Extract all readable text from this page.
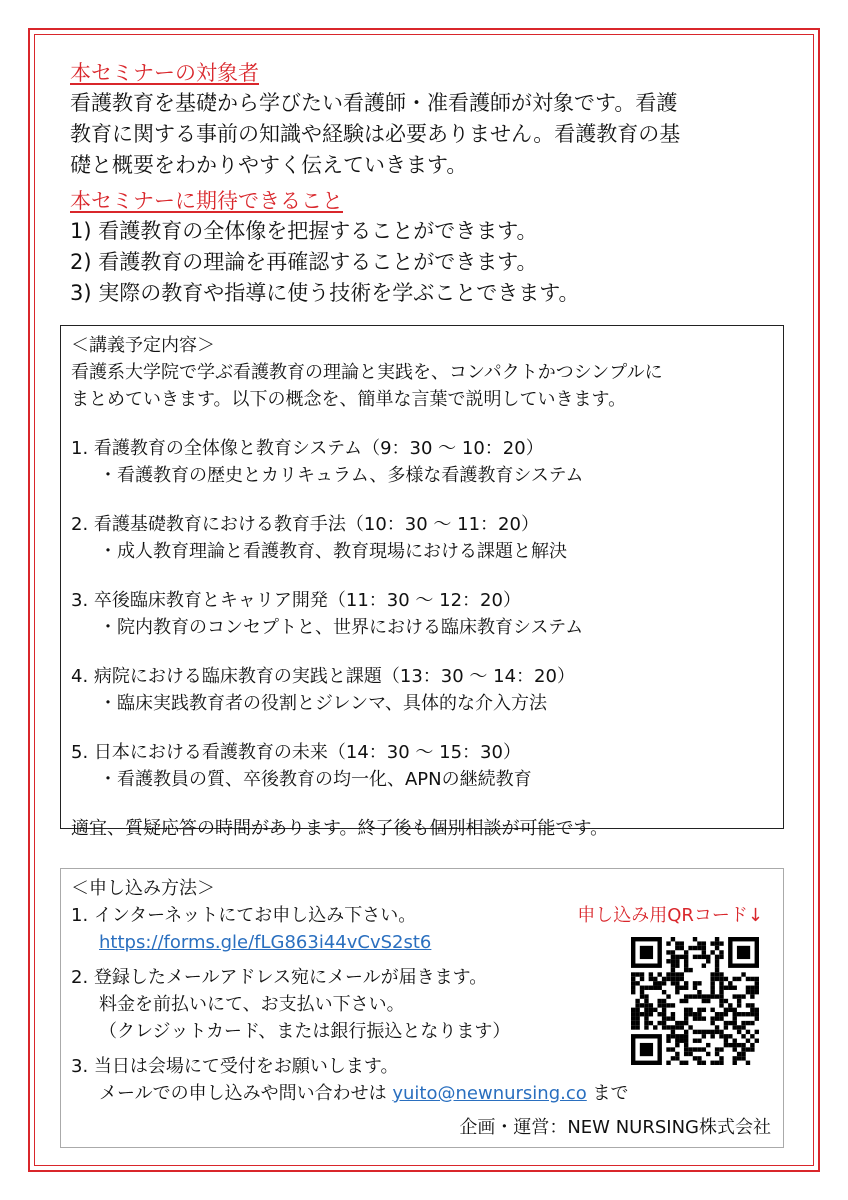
本セミナーの対象者
看護教育を基礎から学びたい看護師・准看護師が対象です。看護
教育に関する事前の知識や経験は必要ありません。看護教育の基
礎と概要をわかりやすく伝えていきます。
本セミナーに期待できること
1) 看護教育の全体像を把握することができます。
2) 看護教育の理論を再確認することができます。
3) 実際の教育や指導に使う技術を学ぶことできます。
＜講義予定内容＞
看護系大学院で学ぶ看護教育の理論と実践を、コンパクトかつシンプルに
まとめていきます。以下の概念を、簡単な言葉で説明していきます。
1. 看護教育の全体像と教育システム（9：30 〜 10：20）
・看護教育の歴史とカリキュラム、多様な看護教育システム
2. 看護基礎教育における教育手法（10：30 〜 11：20）
・成人教育理論と看護教育、教育現場における課題と解決
3. 卒後臨床教育とキャリア開発（11：30 〜 12：20）
・院内教育のコンセプトと、世界における臨床教育システム
4. 病院における臨床教育の実践と課題（13：30 〜 14：20）
・臨床実践教育者の役割とジレンマ、具体的な介入方法
5. 日本における看護教育の未来（14：30 〜 15：30）
・看護教員の質、卒後教育の均一化、APNの継続教育
適宜、質疑応答の時間があります。終了後も個別相談が可能です。
＜申し込み方法＞
1. インターネットにてお申し込み下さい。
https://forms.gle/fLG863i44vCvS2st6
2. 登録したメールアドレス宛にメールが届きます。
料金を前払いにて、お支払い下さい。
（クレジットカード、または銀行振込となります）
3. 当日は会場にて受付をお願いします。
メールでの申し込みや問い合わせは yuito@newnursing.co まで
申し込み用QRコード↓
企画・運営：NEW NURSING株式会社
